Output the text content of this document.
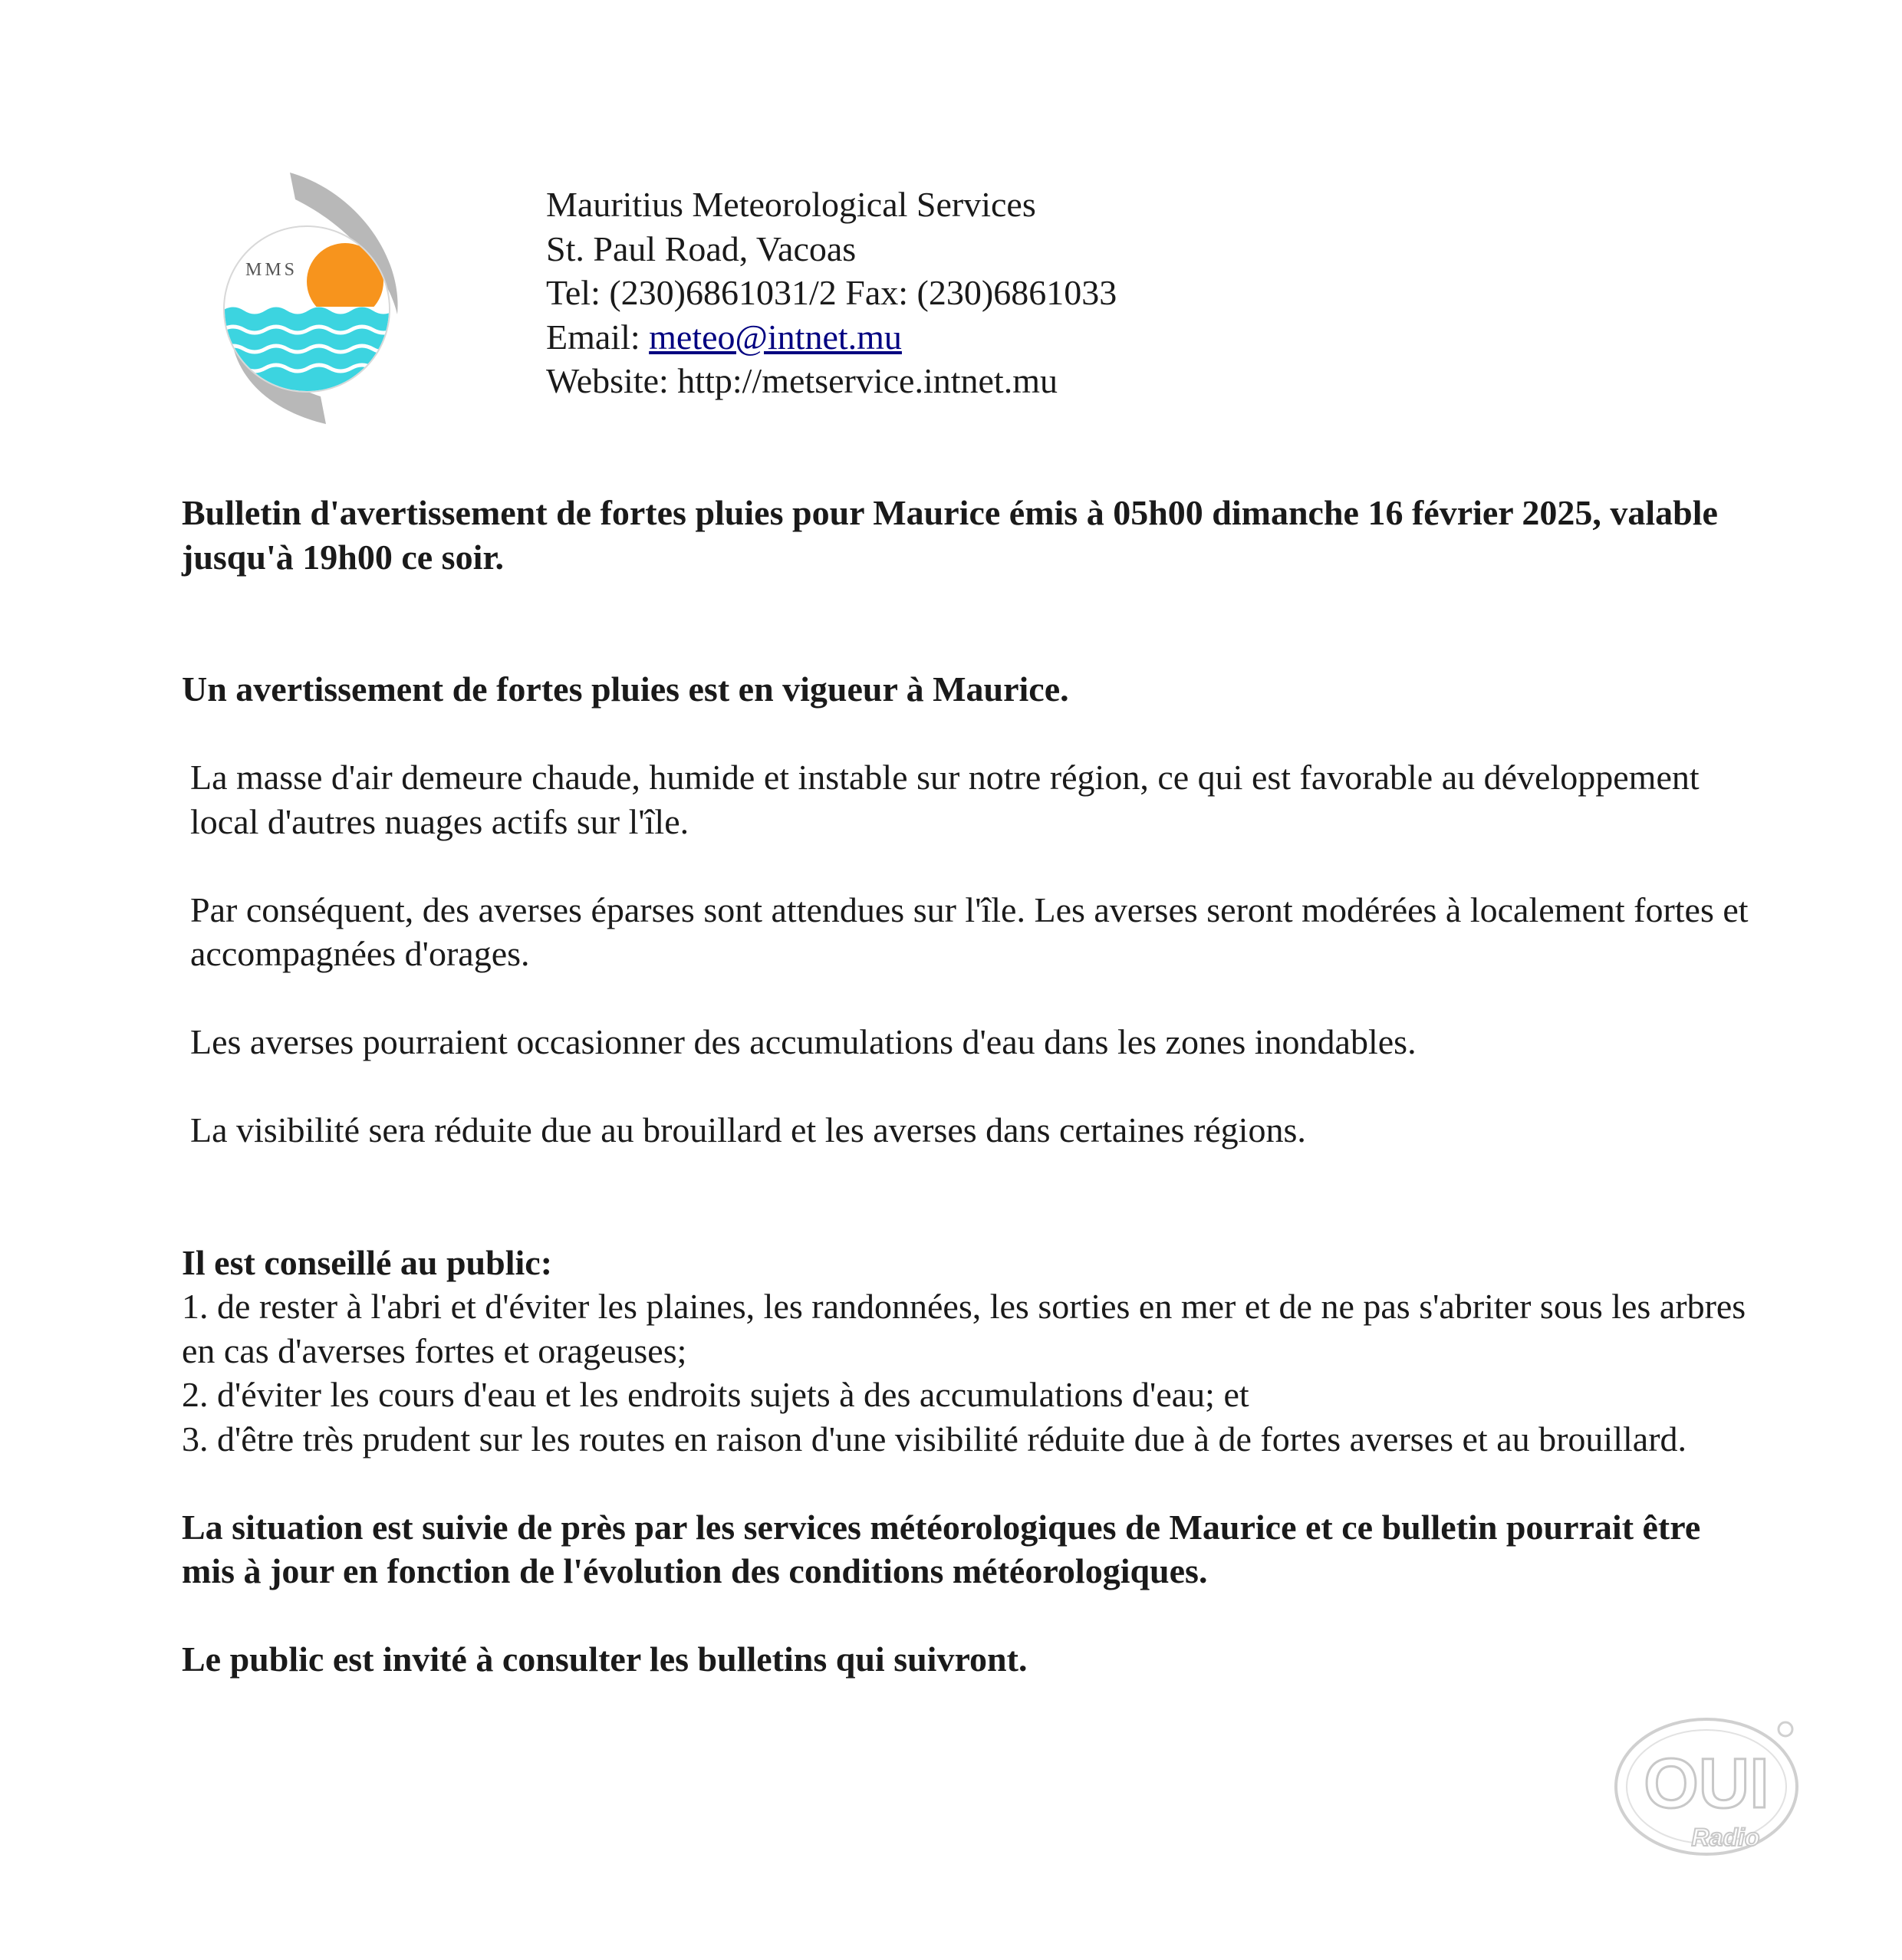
MMS
Mauritius Meteorological Services
St. Paul Road, Vacoas
Tel: (230)6861031/2 Fax: (230)6861033
Email: meteo@intnet.mu
Website: http://metservice.intnet.mu

Bulletin d'avertissement de fortes pluies pour Maurice émis à 05h00 dimanche 16 février 2025, valable jusqu'à 19h00 ce soir.

Un avertissement de fortes pluies est en vigueur à Maurice.

La masse d'air demeure chaude, humide et instable sur notre région, ce qui est favorable au développement local d'autres nuages actifs sur l'île.

Par conséquent, des averses éparses sont attendues sur l'île. Les averses seront modérées à localement fortes et accompagnées d'orages.

Les averses pourraient occasionner des accumulations d'eau dans les zones inondables.

La visibilité sera réduite due au brouillard et les averses dans certaines régions.

Il est conseillé au public:

1. de rester à l'abri et d'éviter les plaines, les randonnées, les sorties en mer et de ne pas s'abriter sous les arbres en cas d'averses fortes et orageuses;

2. d'éviter les cours d'eau et les endroits sujets à des accumulations d'eau; et

3. d'être très prudent sur les routes en raison d'une visibilité réduite due à de fortes averses et au brouillard.

La situation est suivie de près par les services météorologiques de Maurice et ce bulletin pourrait être mis à jour en fonction de l'évolution des conditions météorologiques.

Le public est invité à consulter les bulletins qui suivront.

OUI
Radio
